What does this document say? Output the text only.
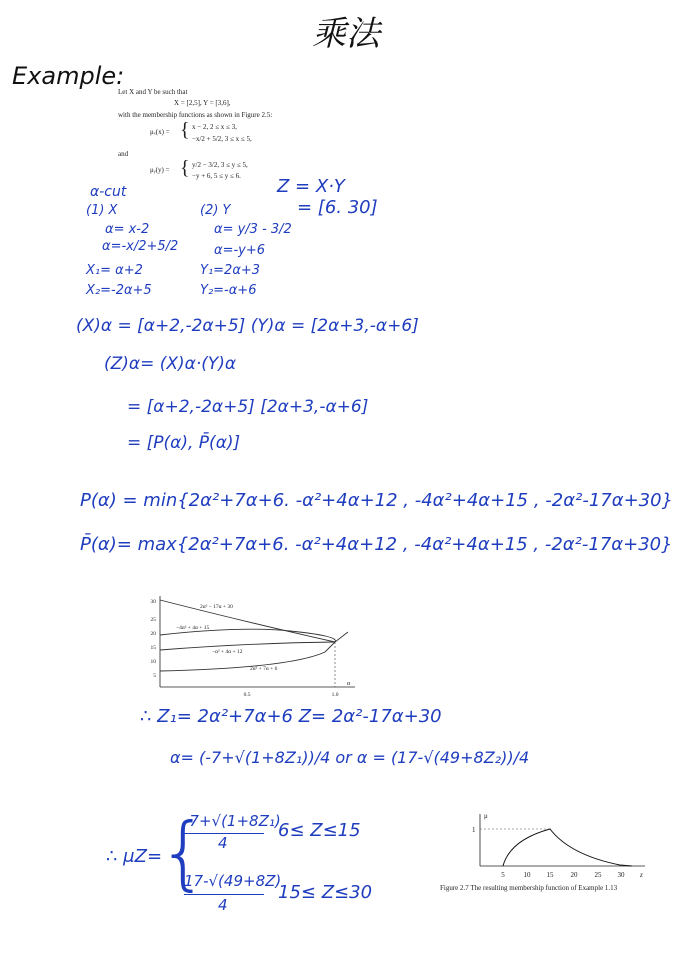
乘法
Example:
Let X and Y be such that
X = [2,5], Y = [3,6],
with the membership functions as shown in Figure 2.5:
μₓ(x) = { x − 2, 2 ≤ x ≤ 3,
−x/2 + 5/2, 3 ≤ x ≤ 5,
and
μᵧ(y) = { y/2 − 3/2, 3 ≤ y ≤ 5,
−y + 6, 5 ≤ y ≤ 6.
α-cut
(1) X
α= x-2
α=-x/2+5/2
X₁= α+2
X₂=-2α+5
(2) Y
α= y/3 - 3/2
α=-y+6
Y₁=2α+3
Y₂=-α+6
Z = X·Y
= [6. 30]
(X)α = [α+2,-2α+5] (Y)α = [2α+3,-α+6]
(Z)α= (X)α·(Y)α
= [α+2,-2α+5] [2α+3,-α+6]
= [P(α), P̄(α)]
P(α) = min{2α²+7α+6. -α²+4α+12 , -4α²+4α+15 , -2α²-17α+30}
P̄(α)= max{2α²+7α+6. -α²+4α+12 , -4α²+4α+15 , -2α²-17α+30}
2α² − 17α + 30
−4α² + 4α + 15
−α² + 4α + 12
2α² + 7α + 6
5
10
15
20
25
30
0.5	1.0
α
∴ Z₁= 2α²+7α+6 Z= 2α²-17α+30
α= (-7+√(1+8Z₁))/4 or α = (17-√(49+8Z₂))/4
∴ μZ=
{
-7+√(1+8Z₁)
4
6≤ Z≤15
17-√(49+8Z)
4
15≤ Z≤30
μ
1
5	10 15 20 25 30 z
Figure 2.7 The resulting membership function of Example 1.13
